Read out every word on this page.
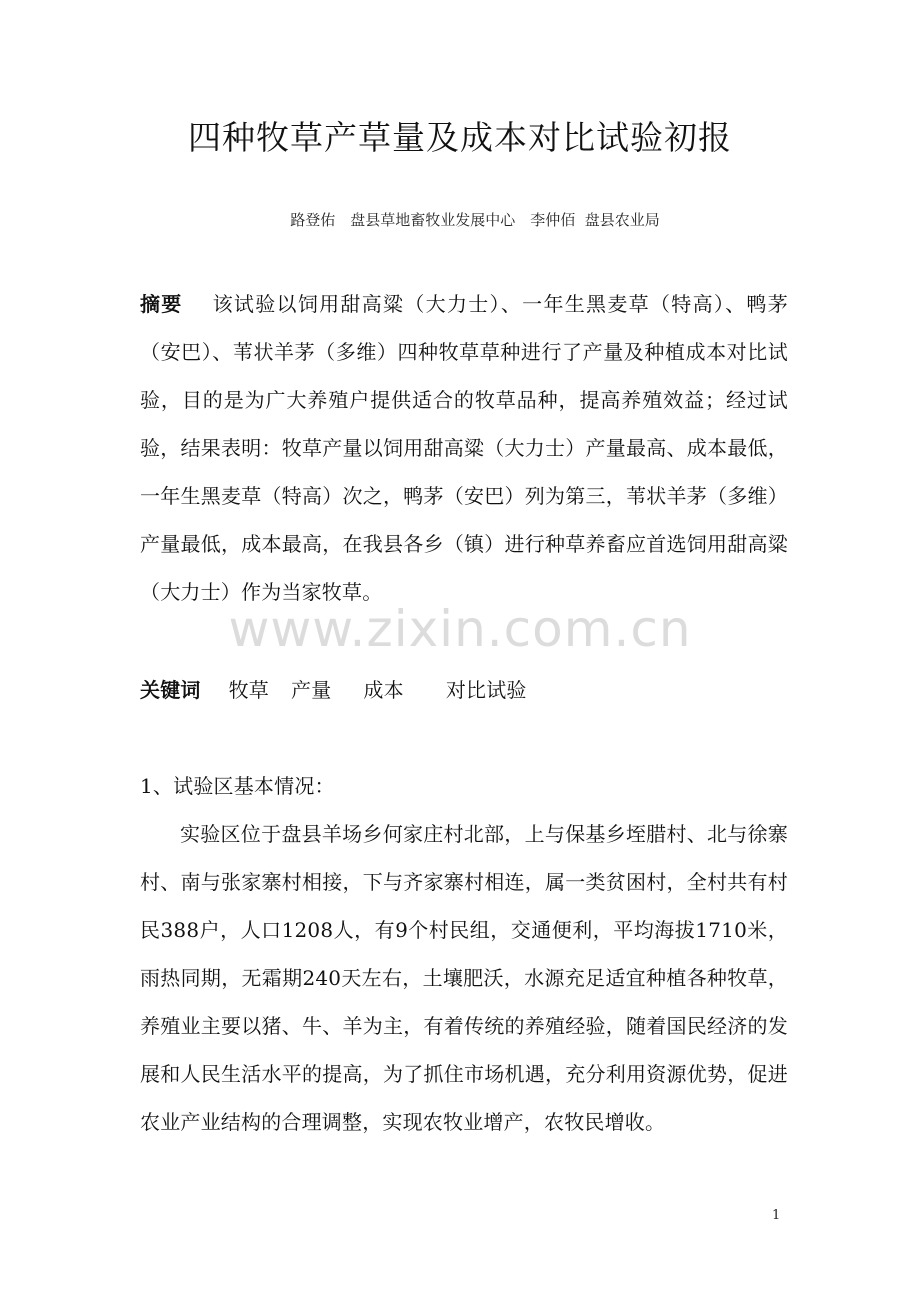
四种牧草产草量及成本对比试验初报
路登佑　盘县草地畜牧业发展中心　李仲佰  盘县农业局
摘要 该试验以饲用甜高粱（大力士）、一年生黑麦草（特高）、鸭茅（安巴）、苇状羊茅（多维）四种牧草草种进行了产量及种植成本对比试验，目的是为广大养殖户提供适合的牧草品种，提高养殖效益；经过试验，结果表明：牧草产量以饲用甜高粱（大力士）产量最高、成本最低，一年生黑麦草（特高）次之，鸭茅（安巴）列为第三，苇状羊茅（多维）产量最低，成本最高，在我县各乡（镇）进行种草养畜应首选饲用甜高粱（大力士）作为当家牧草。
www.zixin.com.cn
关键词 牧草 产量 成本 对比试验
1、试验区基本情况：
实验区位于盘县羊场乡何家庄村北部，上与保基乡垤腊村、北与徐寨村、南与张家寨村相接，下与齐家寨村相连，属一类贫困村，全村共有村民388户，人口1208人，有9个村民组，交通便利，平均海拔1710米，雨热同期，无霜期240天左右，土壤肥沃，水源充足适宜种植各种牧草，养殖业主要以猪、牛、羊为主，有着传统的养殖经验，随着国民经济的发展和人民生活水平的提高，为了抓住市场机遇，充分利用资源优势，促进农业产业结构的合理调整，实现农牧业增产，农牧民增收。
1
